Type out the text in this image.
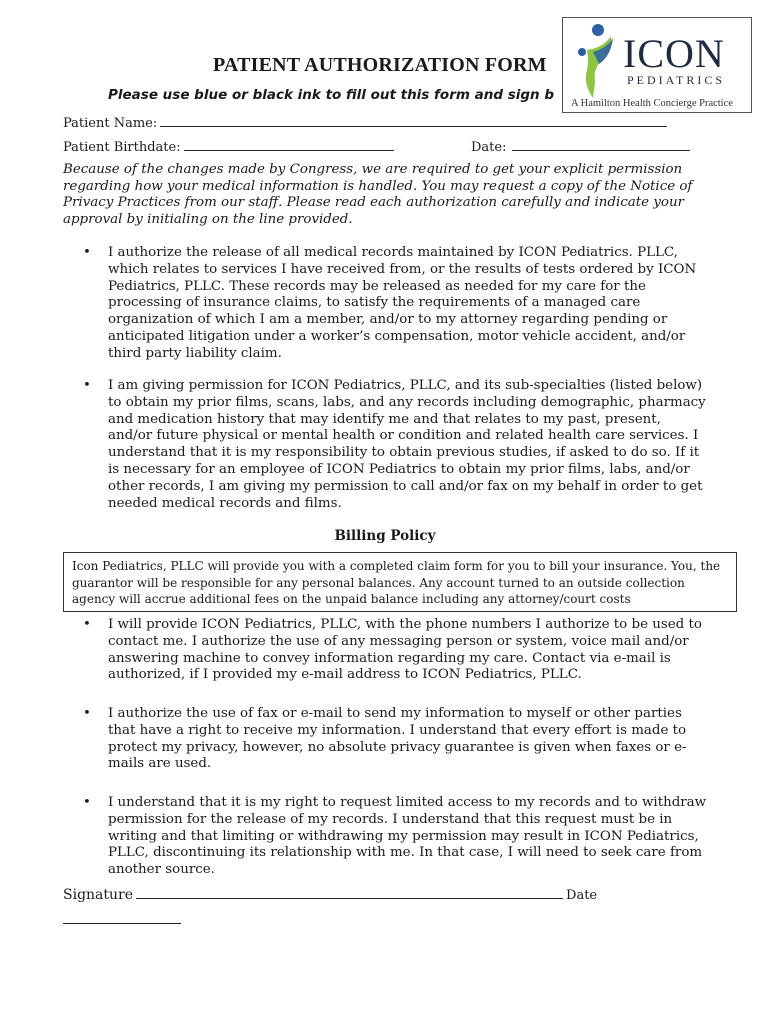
ICON
PEDIATRICS
A Hamilton Health Concierge Practice
PATIENT AUTHORIZATION FORM
Please use blue or black ink to fill out this form and sign b
Patient Name:
Patient Birthdate:	Date:
Because of the changes made by Congress, we are required to get your explicit permission regarding how your medical information is handled. You may request a copy of the Notice of Privacy Practices from our staff. Please read each authorization carefully and indicate your approval by initialing on the line provided.
• I authorize the release of all medical records maintained by ICON Pediatrics. PLLC, which relates to services I have received from, or the results of tests ordered by ICON Pediatrics, PLLC. These records may be released as needed for my care for the processing of insurance claims, to satisfy the requirements of a managed care organization of which I am a member, and/or to my attorney regarding pending or anticipated litigation under a worker’s compensation, motor vehicle accident, and/or third party liability claim.
• I am giving permission for ICON Pediatrics, PLLC, and its sub-specialties (listed below) to obtain my prior films, scans, labs, and any records including demographic, pharmacy and medication history that may identify me and that relates to my past, present, and/or future physical or mental health or condition and related health care services. I understand that it is my responsibility to obtain previous studies, if asked to do so. If it is necessary for an employee of ICON Pediatrics to obtain my prior films, labs, and/or other records, I am giving my permission to call and/or fax on my behalf in order to get needed medical records and films.
Billing Policy
Icon Pediatrics, PLLC will provide you with a completed claim form for you to bill your insurance. You, the guarantor will be responsible for any personal balances. Any account turned to an outside collection agency will accrue additional fees on the unpaid balance including any attorney/court costs
• I will provide ICON Pediatrics, PLLC, with the phone numbers I authorize to be used to contact me. I authorize the use of any messaging person or system, voice mail and/or answering machine to convey information regarding my care. Contact via e-mail is authorized, if I provided my e-mail address to ICON Pediatrics, PLLC.
• I authorize the use of fax or e-mail to send my information to myself or other parties that have a right to receive my information. I understand that every effort is made to protect my privacy, however, no absolute privacy guarantee is given when faxes or e-mails are used.
• I understand that it is my right to request limited access to my records and to withdraw permission for the release of my records. I understand that this request must be in writing and that limiting or withdrawing my permission may result in ICON Pediatrics, PLLC, discontinuing its relationship with me. In that case, I will need to seek care from another source.
Signature	Date
